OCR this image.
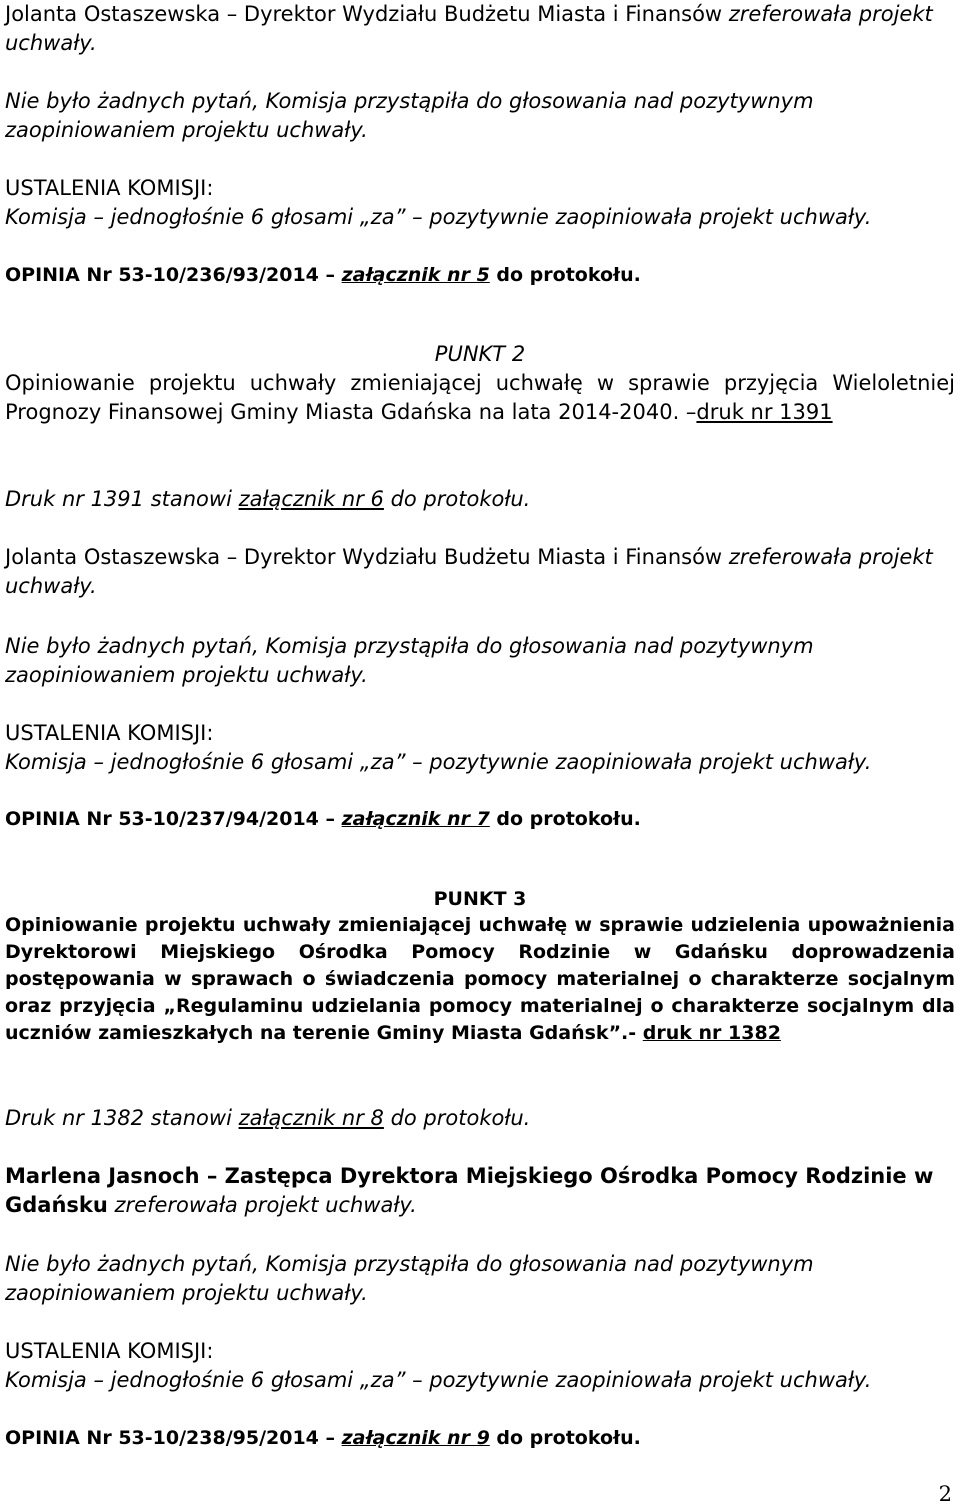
Jolanta Ostaszewska – Dyrektor Wydziału Budżetu Miasta i Finansów zreferowała projekt uchwały.

Nie było żadnych pytań, Komisja przystąpiła do głosowania nad pozytywnym zaopiniowaniem projektu uchwały.

USTALENIA KOMISJI:

Komisja – jednogłośnie 6 głosami „za” – pozytywnie zaopiniowała projekt uchwały.

OPINIA Nr 53-10/236/93/2014 – załącznik nr 5 do protokołu.

PUNKT 2

Opiniowanie projektu uchwały zmieniającej uchwałę w sprawie przyjęcia Wieloletniej Prognozy Finansowej Gminy Miasta Gdańska na lata 2014-2040. –druk nr 1391

Druk nr 1391 stanowi załącznik nr 6 do protokołu.

Jolanta Ostaszewska – Dyrektor Wydziału Budżetu Miasta i Finansów zreferowała projekt uchwały.

Nie było żadnych pytań, Komisja przystąpiła do głosowania nad pozytywnym zaopiniowaniem projektu uchwały.

USTALENIA KOMISJI:

Komisja – jednogłośnie 6 głosami „za” – pozytywnie zaopiniowała projekt uchwały.

OPINIA Nr 53-10/237/94/2014 – załącznik nr 7 do protokołu.

PUNKT 3

Opiniowanie projektu uchwały zmieniającej uchwałę w sprawie udzielenia upoważnienia Dyrektorowi Miejskiego Ośrodka Pomocy Rodzinie w Gdańsku doprowadzenia postępowania w sprawach o świadczenia pomocy materialnej o charakterze socjalnym oraz przyjęcia „Regulaminu udzielania pomocy materialnej o charakterze socjalnym dla uczniów zamieszkałych na terenie Gminy Miasta Gdańsk”.- druk nr 1382

Druk nr 1382 stanowi załącznik nr 8 do protokołu.

Marlena Jasnoch – Zastępca Dyrektora Miejskiego Ośrodka Pomocy Rodzinie w Gdańsku zreferowała projekt uchwały.

Nie było żadnych pytań, Komisja przystąpiła do głosowania nad pozytywnym zaopiniowaniem projektu uchwały.

USTALENIA KOMISJI:

Komisja – jednogłośnie 6 głosami „za” – pozytywnie zaopiniowała projekt uchwały.

OPINIA Nr 53-10/238/95/2014 – załącznik nr 9 do protokołu.

2
